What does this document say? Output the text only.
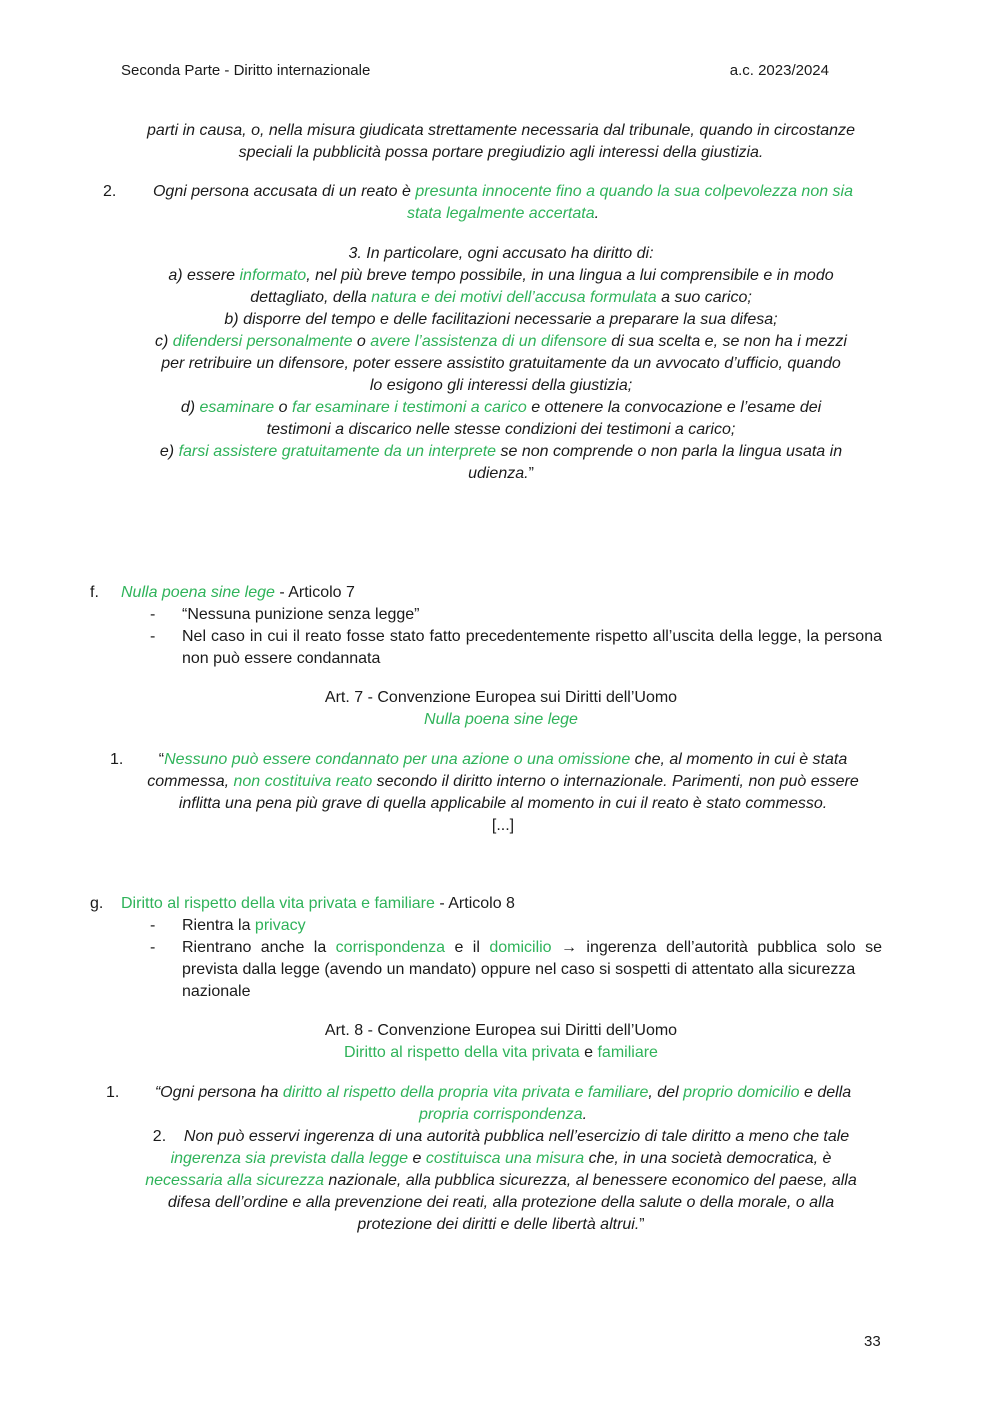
Seconda Parte - Diritto internazionale	a.c. 2023/2024
parti in causa, o, nella misura giudicata strettamente necessaria dal tribunale, quando in circostanze
speciali la pubblicità possa portare pregiudizio agli interessi della giustizia.
2.	Ogni persona accusata di un reato è presunta innocente fino a quando la sua colpevolezza non sia
stata legalmente accertata.
3. In particolare, ogni accusato ha diritto di:
a) essere informato, nel più breve tempo possibile, in una lingua a lui comprensibile e in modo
dettagliato, della natura e dei motivi dell’accusa formulata a suo carico;
b) disporre del tempo e delle facilitazioni necessarie a preparare la sua difesa;
c) difendersi personalmente o avere l’assistenza di un difensore di sua scelta e, se non ha i mezzi
per retribuire un difensore, poter essere assistito gratuitamente da un avvocato d’ufficio, quando
lo esigono gli interessi della giustizia;
d) esaminare o far esaminare i testimoni a carico e ottenere la convocazione e l’esame dei
testimoni a discarico nelle stesse condizioni dei testimoni a carico;
e) farsi assistere gratuitamente da un interprete se non comprende o non parla la lingua usata in
udienza.”
f. Nulla poena sine lege - Articolo 7
- “Nessuna punizione senza legge”
- Nel caso in cui il reato fosse stato fatto precedentemente rispetto all’uscita della legge, la persona non può essere condannata
Art. 7 - Convenzione Europea sui Diritti dell’Uomo
Nulla poena sine lege
1.	“Nessuno può essere condannato per una azione o una omissione che, al momento in cui è stata
commessa, non costituiva reato secondo il diritto interno o internazionale. Parimenti, non può essere
inflitta una pena più grave di quella applicabile al momento in cui il reato è stato commesso.
[...]
g. Diritto al rispetto della vita privata e familiare - Articolo 8
- Rientra la privacy
- Rientrano anche la corrispondenza e il domicilio → ingerenza dell’autorità pubblica solo se
prevista dalla legge (avendo un mandato) oppure nel caso si sospetti di attentato alla sicurezza
nazionale
Art. 8 - Convenzione Europea sui Diritti dell’Uomo
Diritto al rispetto della vita privata e familiare
1.	“Ogni persona ha diritto al rispetto della propria vita privata e familiare, del proprio domicilio e della
propria corrispondenza.
2. Non può esservi ingerenza di una autorità pubblica nell’esercizio di tale diritto a meno che tale
ingerenza sia prevista dalla legge e costituisca una misura che, in una società democratica, è
necessaria alla sicurezza nazionale, alla pubblica sicurezza, al benessere economico del paese, alla
difesa dell’ordine e alla prevenzione dei reati, alla protezione della salute o della morale, o alla
protezione dei diritti e delle libertà altrui.”
33
